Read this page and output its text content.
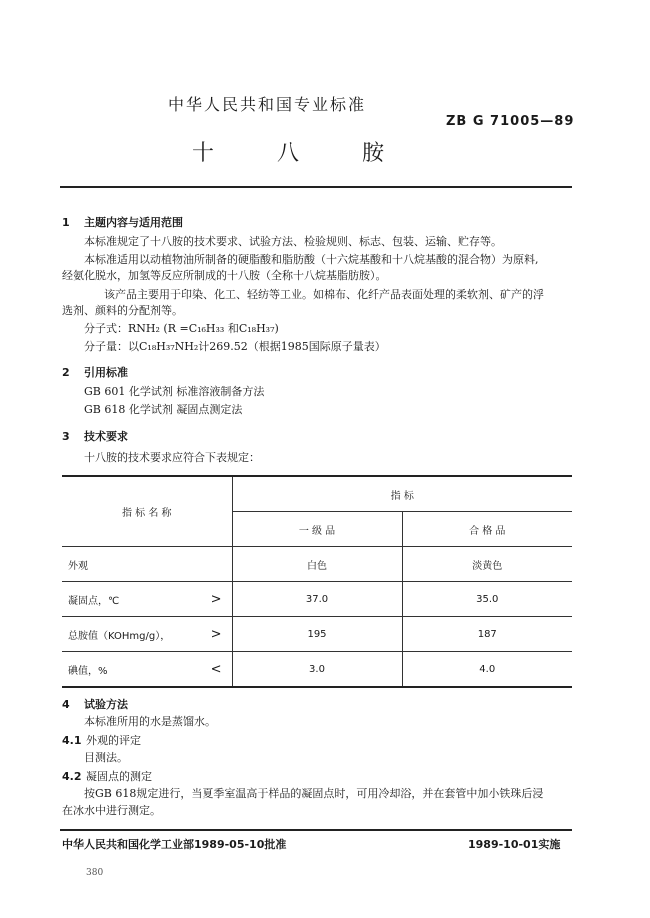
中华人民共和国专业标准
ZB G 71005—89
十 八 胺
1 主题内容与适用范围
本标准规定了十八胺的技术要求、试验方法、检验规则、标志、包装、运输、贮存等。
本标准适用以动植物油所制备的硬脂酸和脂肪酸（十六烷基酸和十八烷基酸的混合物）为原料,
经氨化脱水，加氢等反应所制成的十八胺（全称十八烷基脂肪胺）。
该产品主要用于印染、化工、轻纺等工业。如棉布、化纤产品表面处理的柔软剂、矿产的浮
选剂、颜料的分配剂等。
分子式：RNH₂ (R =C₁₆H₃₃ 和C₁₈H₃₇)
分子量：以C₁₈H₃₇NH₂计269.52（根据1985国际原子量表）
2 引用标准
GB 601 化学试剂 标准溶液制备方法
GB 618 化学试剂 凝固点测定法
3 技术要求
十八胺的技术要求应符合下表规定：
指 标 名 称	指 标	
	一 级 品	合 格 品

外观	白色	淡黄色

凝固点，℃ >	37.0	35.0

总胺值（KOHmg/g）， >	195	187

碘值，% <	3.0	4.0
4 试验方法
本标准所用的水是蒸馏水。
4.1 外观的评定
目测法。
4.2 凝固点的测定
按GB 618规定进行，当夏季室温高于样品的凝固点时，可用冷却浴，并在套管中加小铁珠后浸
在冰水中进行测定。
中华人民共和国化学工业部1989-05-10批准	1989-10-01实施
380
